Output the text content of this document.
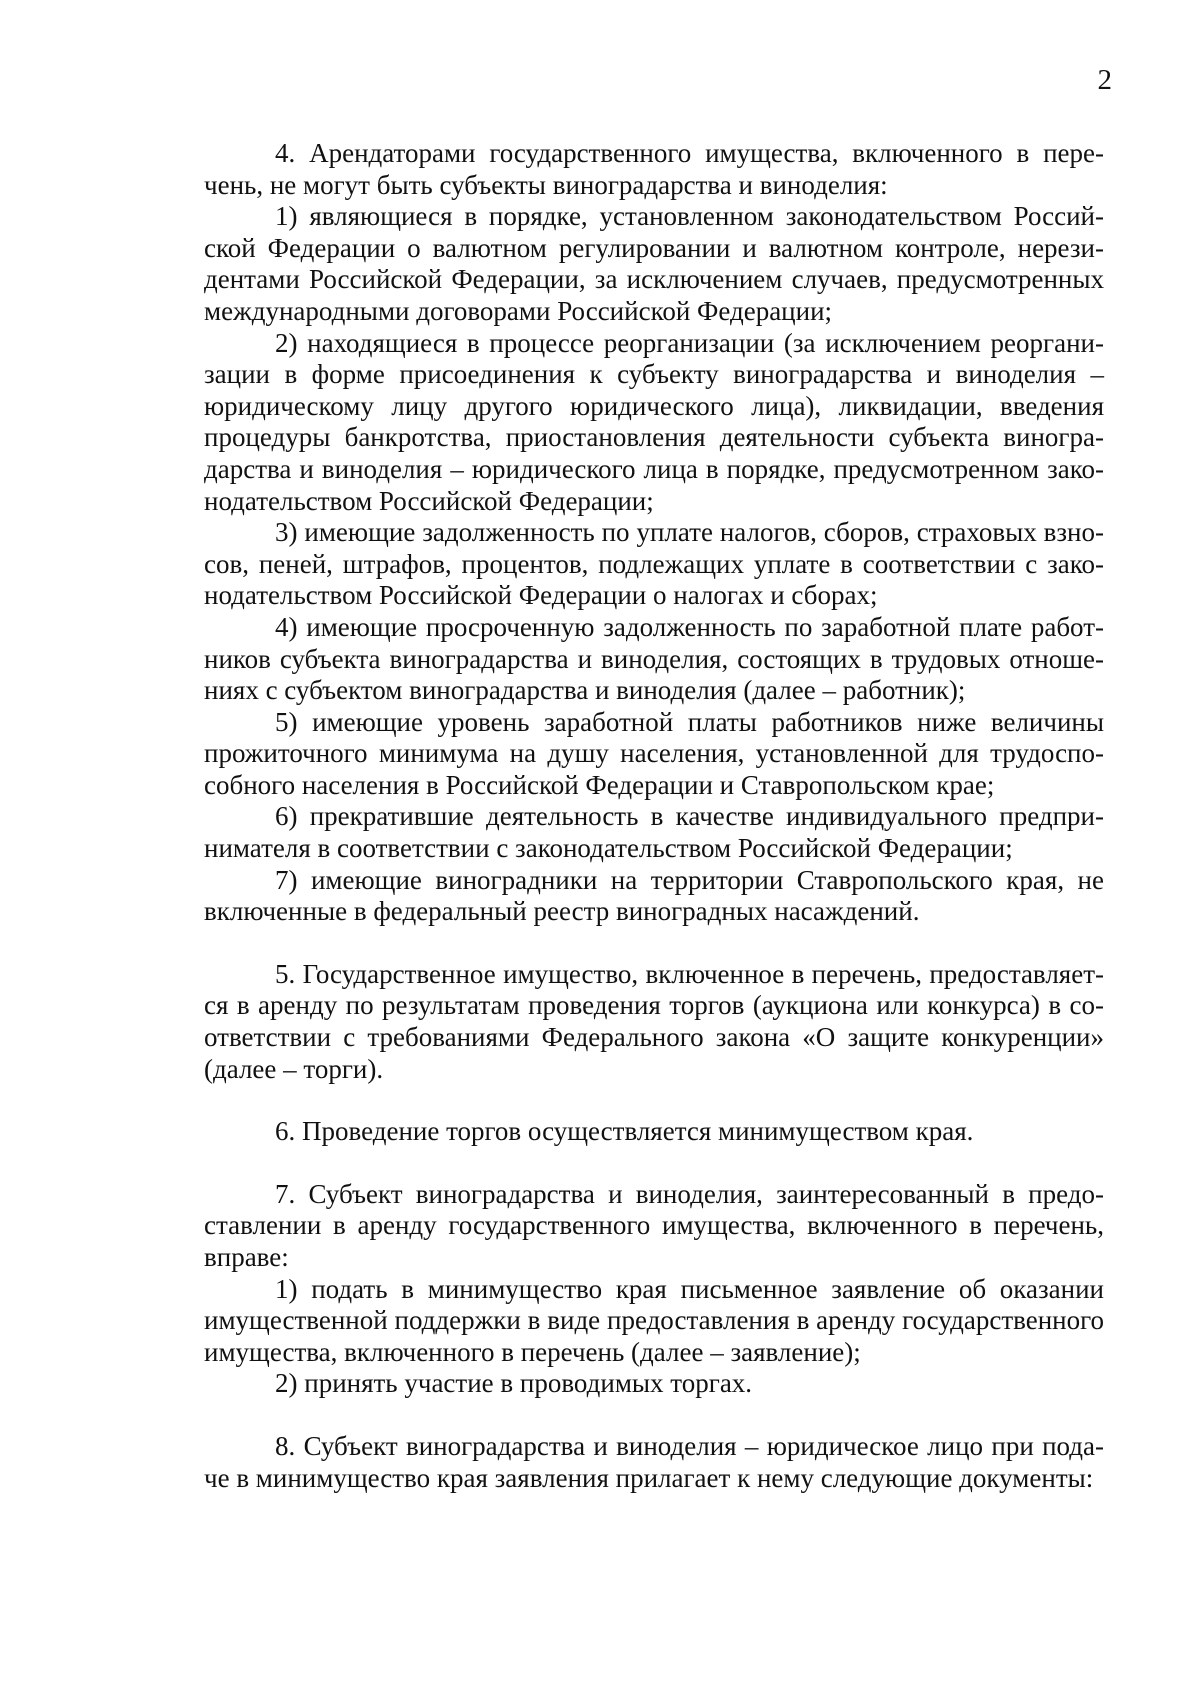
2

4. Арендаторами государственного имущества, включенного в перечень, не могут быть субъекты виноградарства и виноделия:

1) являющиеся в порядке, установленном законодательством Российской Федерации о валютном регулировании и валютном контроле, нерезидентами Российской Федерации, за исключением случаев, предусмотренных международными договорами Российской Федерации;

2) находящиеся в процессе реорганизации (за исключением реорганизации в форме присоединения к субъекту виноградарства и виноделия – юридическому лицу другого юридического лица), ликвидации, введения процедуры банкротства, приостановления деятельности субъекта виноградарства и виноделия – юридического лица в порядке, предусмотренном законодательством Российской Федерации;

3) имеющие задолженность по уплате налогов, сборов, страховых взносов, пеней, штрафов, процентов, подлежащих уплате в соответствии с законодательством Российской Федерации о налогах и сборах;

4) имеющие просроченную задолженность по заработной плате работников субъекта виноградарства и виноделия, состоящих в трудовых отношениях с субъектом виноградарства и виноделия (далее – работник);

5) имеющие уровень заработной платы работников ниже величины прожиточного минимума на душу населения, установленной для трудоспособного населения в Российской Федерации и Ставропольском крае;

6) прекратившие деятельность в качестве индивидуального предпринимателя в соответствии с законодательством Российской Федерации;

7) имеющие виноградники на территории Ставропольского края, не включенные в федеральный реестр виноградных насаждений.

5. Государственное имущество, включенное в перечень, предоставляется в аренду по результатам проведения торгов (аукциона или конкурса) в соответствии с требованиями Федерального закона «О защите конкуренции» (далее – торги).

6. Проведение торгов осуществляется минимуществом края.

7. Субъект виноградарства и виноделия, заинтересованный в предоставлении в аренду государственного имущества, включенного в перечень, вправе:

1) подать в минимущество края письменное заявление об оказании имущественной поддержки в виде предоставления в аренду государственного имущества, включенного в перечень (далее – заявление);

2) принять участие в проводимых торгах.

8. Субъект виноградарства и виноделия – юридическое лицо при подаче в минимущество края заявления прилагает к нему следующие документы:
